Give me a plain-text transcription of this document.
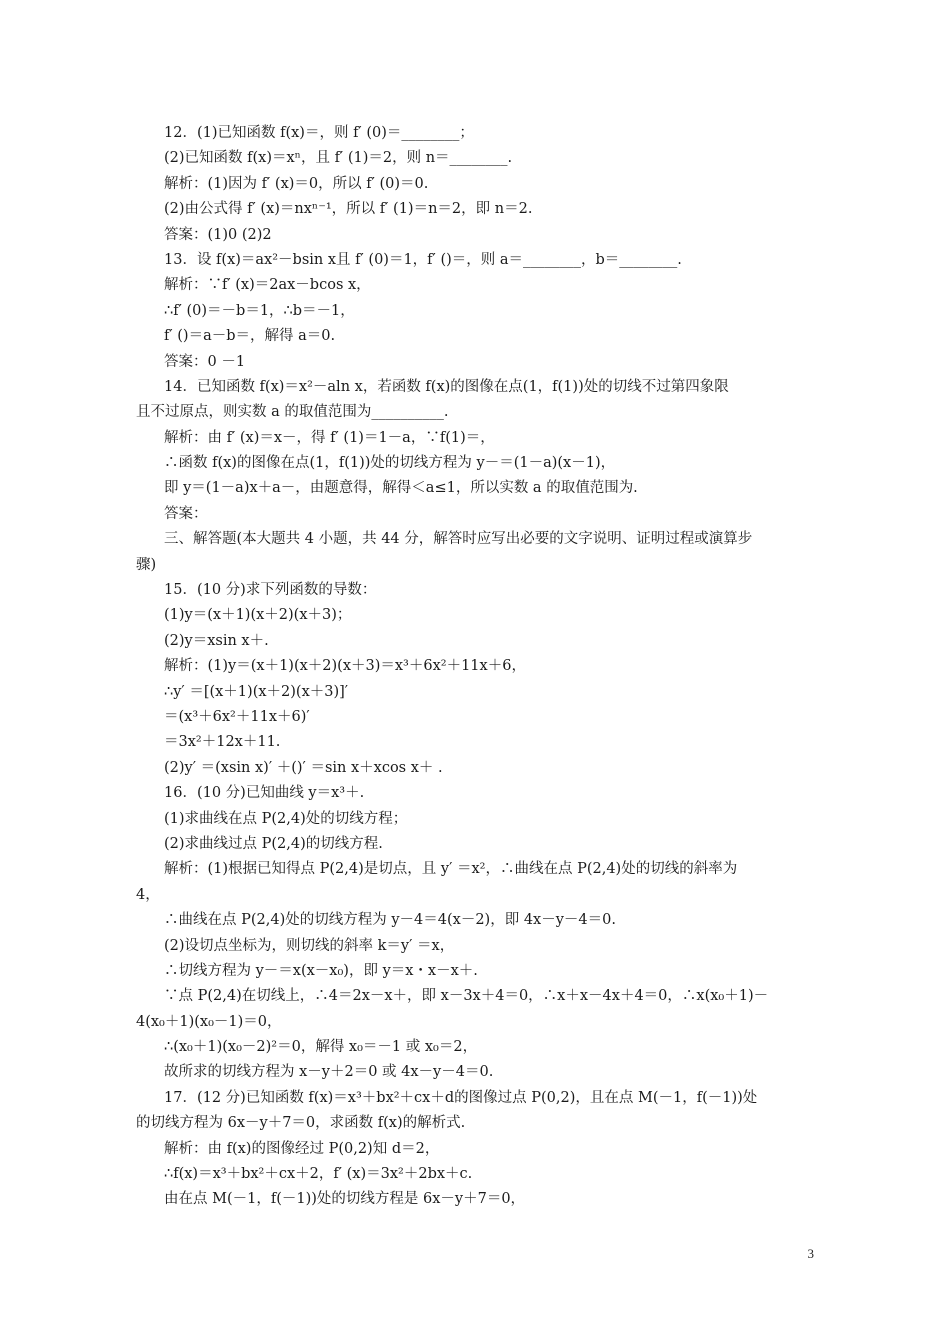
12．(1)已知函数 f(x)＝，则 f′ (0)＝________；
(2)已知函数 f(x)＝xⁿ，且 f′ (1)＝2，则 n＝________.
解析：(1)因为 f′ (x)＝0，所以 f′ (0)＝0.
(2)由公式得 f′ (x)＝nxⁿ⁻¹，所以 f′ (1)＝n＝2，即 n＝2.
答案：(1)0 (2)2
13．设 f(x)＝ax²－bsin x且 f′ (0)＝1，f′ ()＝，则 a＝________，b＝________.
解析：∵f′ (x)＝2ax－bcos x，
∴f′ (0)＝－b＝1，∴b＝－1，
f′ ()＝a－b＝，解得 a＝0.
答案：0 －1
14．已知函数 f(x)＝x²－aln x，若函数 f(x)的图像在点(1，f(1))处的切线不过第四象限
且不过原点，则实数 a 的取值范围为__________.
解析：由 f′ (x)＝x－，得 f′ (1)＝1－a，∵f(1)＝，
∴函数 f(x)的图像在点(1，f(1))处的切线方程为 y－＝(1－a)(x－1)，
即 y＝(1－a)x＋a－，由题意得，解得＜a≤1，所以实数 a 的取值范围为.
答案：
三、解答题(本大题共 4 小题，共 44 分，解答时应写出必要的文字说明、证明过程或演算步
骤)
15．(10 分)求下列函数的导数：
(1)y＝(x＋1)(x＋2)(x＋3)；
(2)y＝xsin x＋.
解析：(1)y＝(x＋1)(x＋2)(x＋3)＝x³＋6x²＋11x＋6，
∴y′ ＝[(x＋1)(x＋2)(x＋3)]′
＝(x³＋6x²＋11x＋6)′
＝3x²＋12x＋11.
(2)y′ ＝(xsin x)′ ＋()′ ＝sin x＋xcos x＋ .
16．(10 分)已知曲线 y＝x³＋.
(1)求曲线在点 P(2,4)处的切线方程；
(2)求曲线过点 P(2,4)的切线方程.
解析：(1)根据已知得点 P(2,4)是切点，且 y′ ＝x²，∴曲线在点 P(2,4)处的切线的斜率为
4，
∴曲线在点 P(2,4)处的切线方程为 y－4＝4(x－2)，即 4x－y－4＝0.
(2)设切点坐标为，则切线的斜率 k＝y′ ＝x，
∴切线方程为 y－＝x(x－x₀)，即 y＝x・x－x＋.
∵点 P(2,4)在切线上，∴4＝2x－x＋，即 x－3x＋4＝0，∴x＋x－4x＋4＝0，∴x(x₀＋1)－
4(x₀＋1)(x₀－1)＝0，
∴(x₀＋1)(x₀－2)²＝0，解得 x₀＝－1 或 x₀＝2，
故所求的切线方程为 x－y＋2＝0 或 4x－y－4＝0.
17．(12 分)已知函数 f(x)＝x³＋bx²＋cx＋d的图像过点 P(0,2)，且在点 M(－1，f(－1))处
的切线方程为 6x－y＋7＝0，求函数 f(x)的解析式.
解析：由 f(x)的图像经过 P(0,2)知 d＝2，
∴f(x)＝x³＋bx²＋cx＋2，f′ (x)＝3x²＋2bx＋c.
由在点 M(－1，f(－1))处的切线方程是 6x－y＋7＝0，
3
